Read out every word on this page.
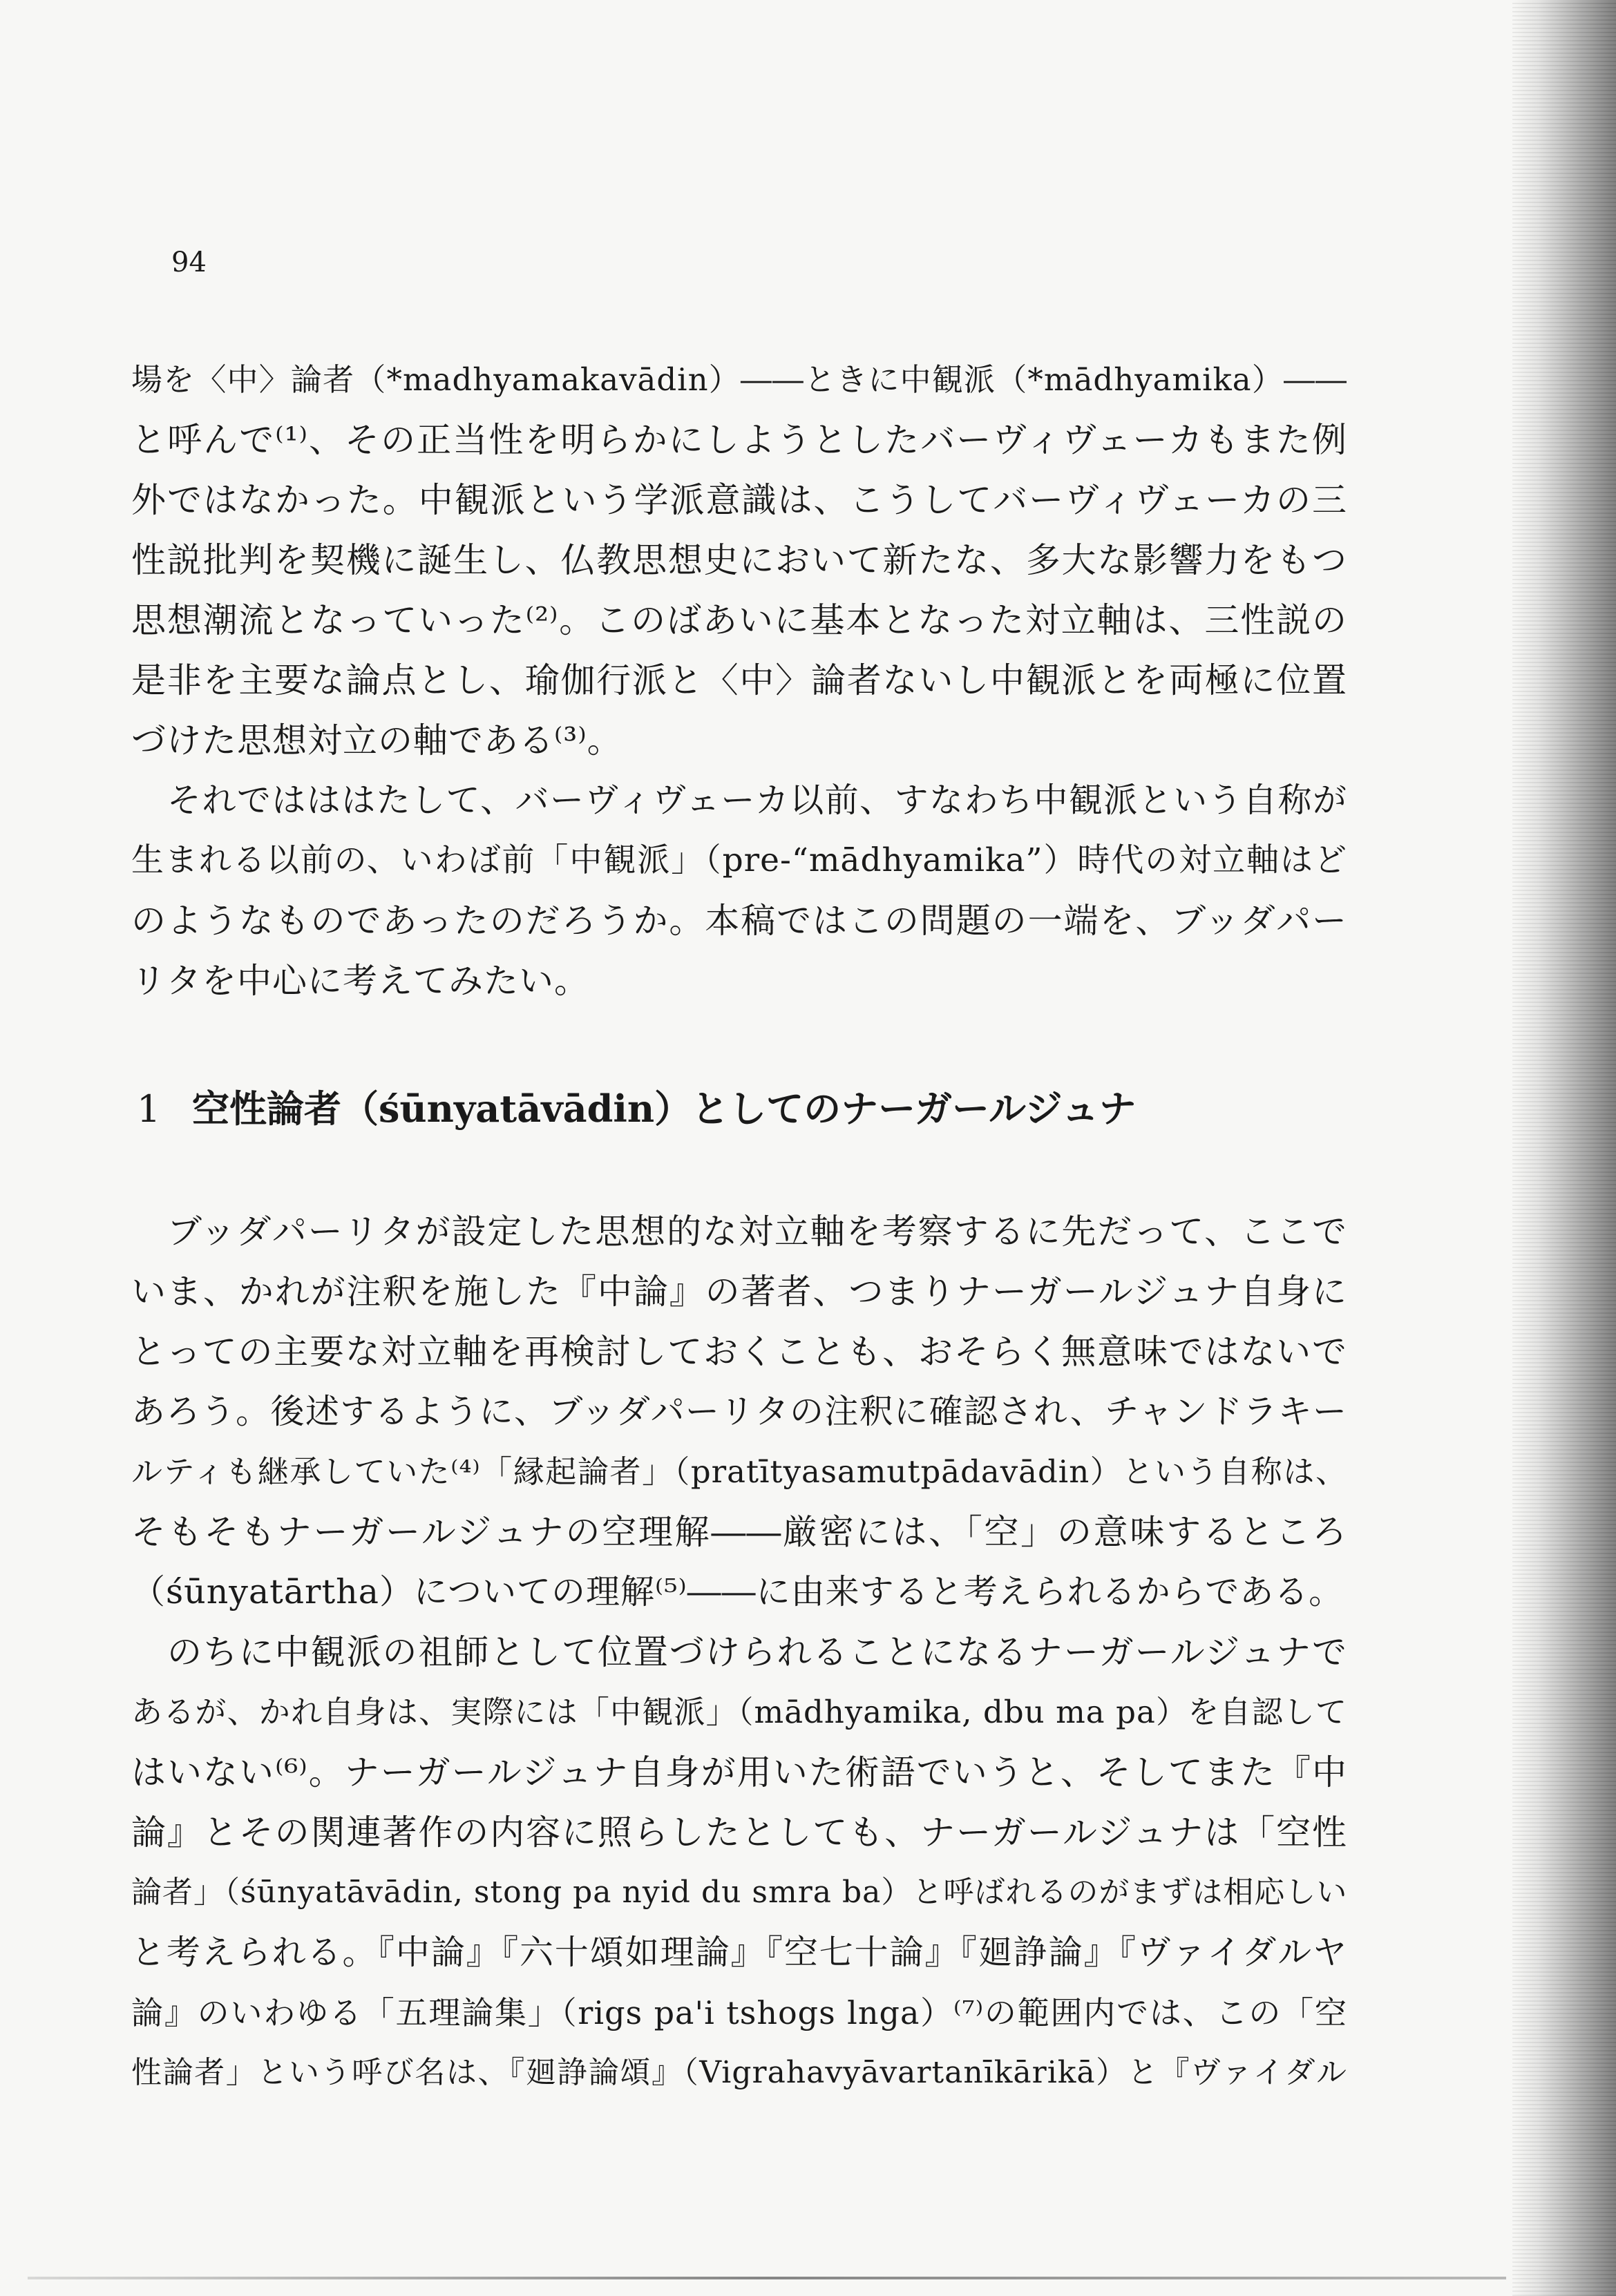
94
場を〈中〉論者（*madhyamakavādin）――ときに中観派（*mādhyamika）――
と呼んで⁽¹⁾、その正当性を明らかにしようとしたバーヴィヴェーカもまた例
外ではなかった。中観派という学派意識は、こうしてバーヴィヴェーカの三
性説批判を契機に誕生し、仏教思想史において新たな、多大な影響力をもつ
思想潮流となっていった⁽²⁾。このばあいに基本となった対立軸は、三性説の
是非を主要な論点とし、瑜伽行派と〈中〉論者ないし中観派とを両極に位置
づけた思想対立の軸である⁽³⁾。
それではははたして、バーヴィヴェーカ以前、すなわち中観派という自称が
生まれる以前の、いわば前「中観派」（pre-“mādhyamika”）時代の対立軸はど
のようなものであったのだろうか。本稿ではこの問題の一端を、ブッダパー
リタを中心に考えてみたい。
1 空性論者（śūnyatāvādin）としてのナーガールジュナ
ブッダパーリタが設定した思想的な対立軸を考察するに先だって、ここで
いま、かれが注釈を施した『中論』の著者、つまりナーガールジュナ自身に
とっての主要な対立軸を再検討しておくことも、おそらく無意味ではないで
あろう。後述するように、ブッダパーリタの注釈に確認され、チャンドラキー
ルティも継承していた⁽⁴⁾「縁起論者」（pratītyasamutpādavādin）という自称は、
そもそもナーガールジュナの空理解――厳密には、「空」の意味するところ
（śūnyatārtha）についての理解⁽⁵⁾――に由来すると考えられるからである。
のちに中観派の祖師として位置づけられることになるナーガールジュナで
あるが、かれ自身は、実際には「中観派」（mādhyamika, dbu ma pa）を自認して
はいない⁽⁶⁾。ナーガールジュナ自身が用いた術語でいうと、そしてまた『中
論』とその関連著作の内容に照らしたとしても、ナーガールジュナは「空性
論者」（śūnyatāvādin, stong pa nyid du smra ba）と呼ばれるのがまずは相応しい
と考えられる。『中論』『六十頌如理論』『空七十論』『廻諍論』『ヴァイダルヤ
論』のいわゆる「五理論集」（rigs pa'i tshogs lnga）⁽⁷⁾の範囲内では、この「空
性論者」という呼び名は、『廻諍論頌』（Vigrahavyāvartanīkārikā）と『ヴァイダル
